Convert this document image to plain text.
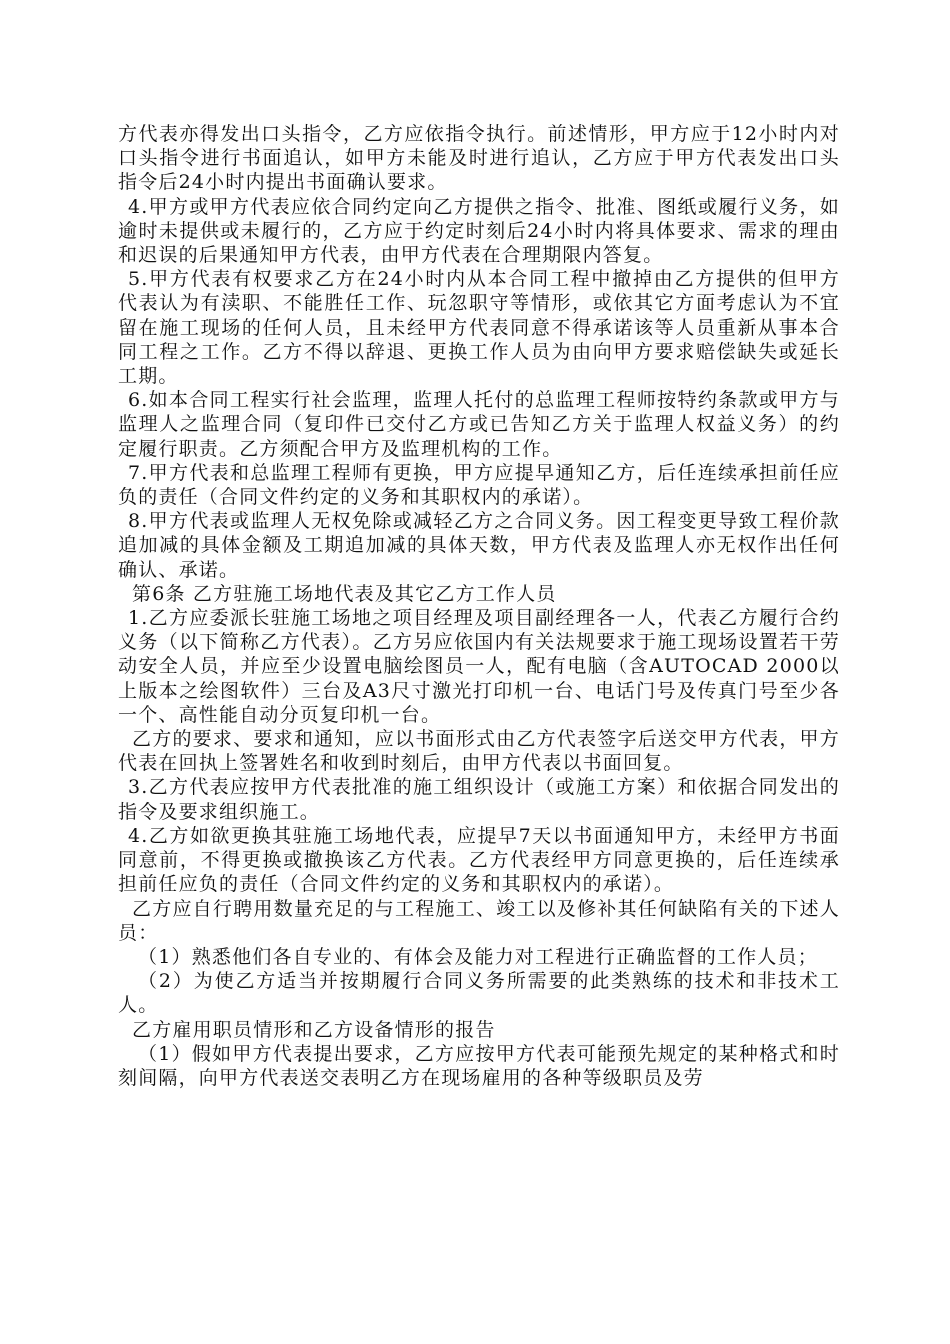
方代表亦得发出口头指令，乙方应依指令执行。前述情形，甲方应于12小时内对口头指令进行书面追认，如甲方未能及时进行追认，乙方应于甲方代表发出口头指令后24小时内提出书面确认要求。

4.甲方或甲方代表应依合同约定向乙方提供之指令、批准、图纸或履行义务，如逾时未提供或未履行的，乙方应于约定时刻后24小时内将具体要求、需求的理由和迟误的后果通知甲方代表，由甲方代表在合理期限内答复。

5.甲方代表有权要求乙方在24小时内从本合同工程中撤掉由乙方提供的但甲方代表认为有渎职、不能胜任工作、玩忽职守等情形，或依其它方面考虑认为不宜留在施工现场的任何人员，且未经甲方代表同意不得承诺该等人员重新从事本合同工程之工作。乙方不得以辞退、更换工作人员为由向甲方要求赔偿缺失或延长工期。

6.如本合同工程实行社会监理，监理人托付的总监理工程师按特约条款或甲方与监理人之监理合同（复印件已交付乙方或已告知乙方关于监理人权益义务）的约定履行职责。乙方须配合甲方及监理机构的工作。

7.甲方代表和总监理工程师有更换，甲方应提早通知乙方，后任连续承担前任应负的责任（合同文件约定的义务和其职权内的承诺）。

8.甲方代表或监理人无权免除或减轻乙方之合同义务。因工程变更导致工程价款追加减的具体金额及工期追加减的具体天数，甲方代表及监理人亦无权作出任何确认、承诺。

第6条 乙方驻施工场地代表及其它乙方工作人员

1.乙方应委派长驻施工场地之项目经理及项目副经理各一人，代表乙方履行合约义务（以下简称乙方代表）。乙方另应依国内有关法规要求于施工现场设置若干劳动安全人员，并应至少设置电脑绘图员一人，配有电脑（含AUTOCAD 2000以上版本之绘图软件）三台及A3尺寸激光打印机一台、电话门号及传真门号至少各一个、高性能自动分页复印机一台。

乙方的要求、要求和通知，应以书面形式由乙方代表签字后送交甲方代表，甲方代表在回执上签署姓名和收到时刻后，由甲方代表以书面回复。

3.乙方代表应按甲方代表批准的施工组织设计（或施工方案）和依据合同发出的指令及要求组织施工。

4.乙方如欲更换其驻施工场地代表，应提早7天以书面通知甲方，未经甲方书面同意前，不得更换或撤换该乙方代表。乙方代表经甲方同意更换的，后任连续承担前任应负的责任（合同文件约定的义务和其职权内的承诺）。

乙方应自行聘用数量充足的与工程施工、竣工以及修补其任何缺陷有关的下述人员：

（1）熟悉他们各自专业的、有体会及能力对工程进行正确监督的工作人员；

（2）为使乙方适当并按期履行合同义务所需要的此类熟练的技术和非技术工人。

乙方雇用职员情形和乙方设备情形的报告

（1）假如甲方代表提出要求，乙方应按甲方代表可能预先规定的某种格式和时刻间隔，向甲方代表送交表明乙方在现场雇用的各种等级职员及劳
